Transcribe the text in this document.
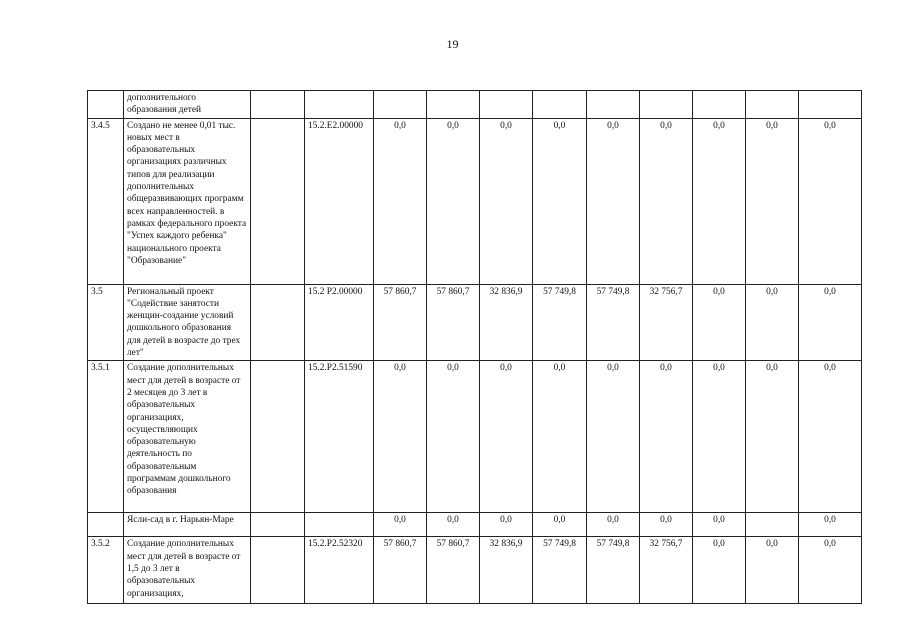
19
	дополнительного образования детей											
3.4.5	Создано не менее 0,01 тыс. новых мест в образовательных организациях различных типов для реализации дополнительных общеразвивающих программ всех направленностей. в рамках федерального проекта "Успех каждого ребенка" национального проекта "Образование"		15.2.E2.00000	0,0	0,0	0,0	0,0	0,0	0,0	0,0	0,0	0,0
3.5	Региональный проект "Содействие занятости женщин-создание условий дошкольного образования для детей в возрасте до трех лет"		15.2 P2.00000	57 860,7	57 860,7	32 836,9	57 749,8	57 749,8	32 756,7	0,0	0,0	0,0
3.5.1	Создание дополнительных мест для детей в возрасте от 2 месяцев до 3 лет в образовательных организациях, осуществляющих образовательную деятельность по образовательным программам дошкольного образования		15.2.P2.51590	0,0	0,0	0,0	0,0	0,0	0,0	0,0	0,0	0,0
	Ясли-сад в г. Нарьян-Маре			0,0	0,0	0,0	0,0	0,0	0,0	0,0		0,0
3.5.2	Создание дополнительных мест для детей в возрасте от 1,5 до 3 лет в образовательных организациях,		15.2.P2.52320	57 860,7	57 860,7	32 836,9	57 749,8	57 749,8	32 756,7	0,0	0,0	0,0
